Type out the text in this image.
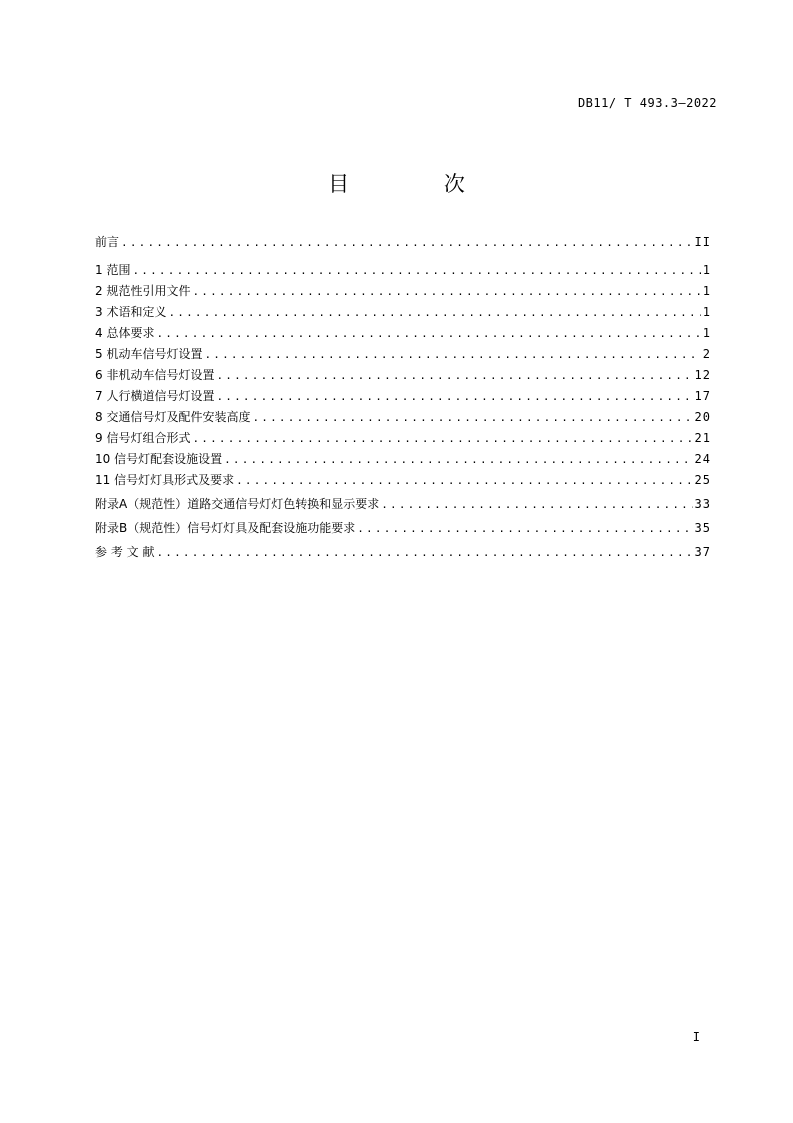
DB11/ T 493.3—2022
目 次
前言 .....	II
1 范围 .....	1
2 规范性引用文件 .....	1
3 术语和定义 .....	1
4 总体要求 .....	1
5 机动车信号灯设置 .....	2
6 非机动车信号灯设置 .....	12
7 人行横道信号灯设置 .....	17
8 交通信号灯及配件安装高度 .....	20
9 信号灯组合形式 .....	21
10 信号灯配套设施设置 .....	24
11 信号灯灯具形式及要求 .....	25
附录A（规范性）道路交通信号灯灯色转换和显示要求 .....	33
附录B（规范性）信号灯灯具及配套设施功能要求 .....	35
参 考 文 献 .....	37
I
